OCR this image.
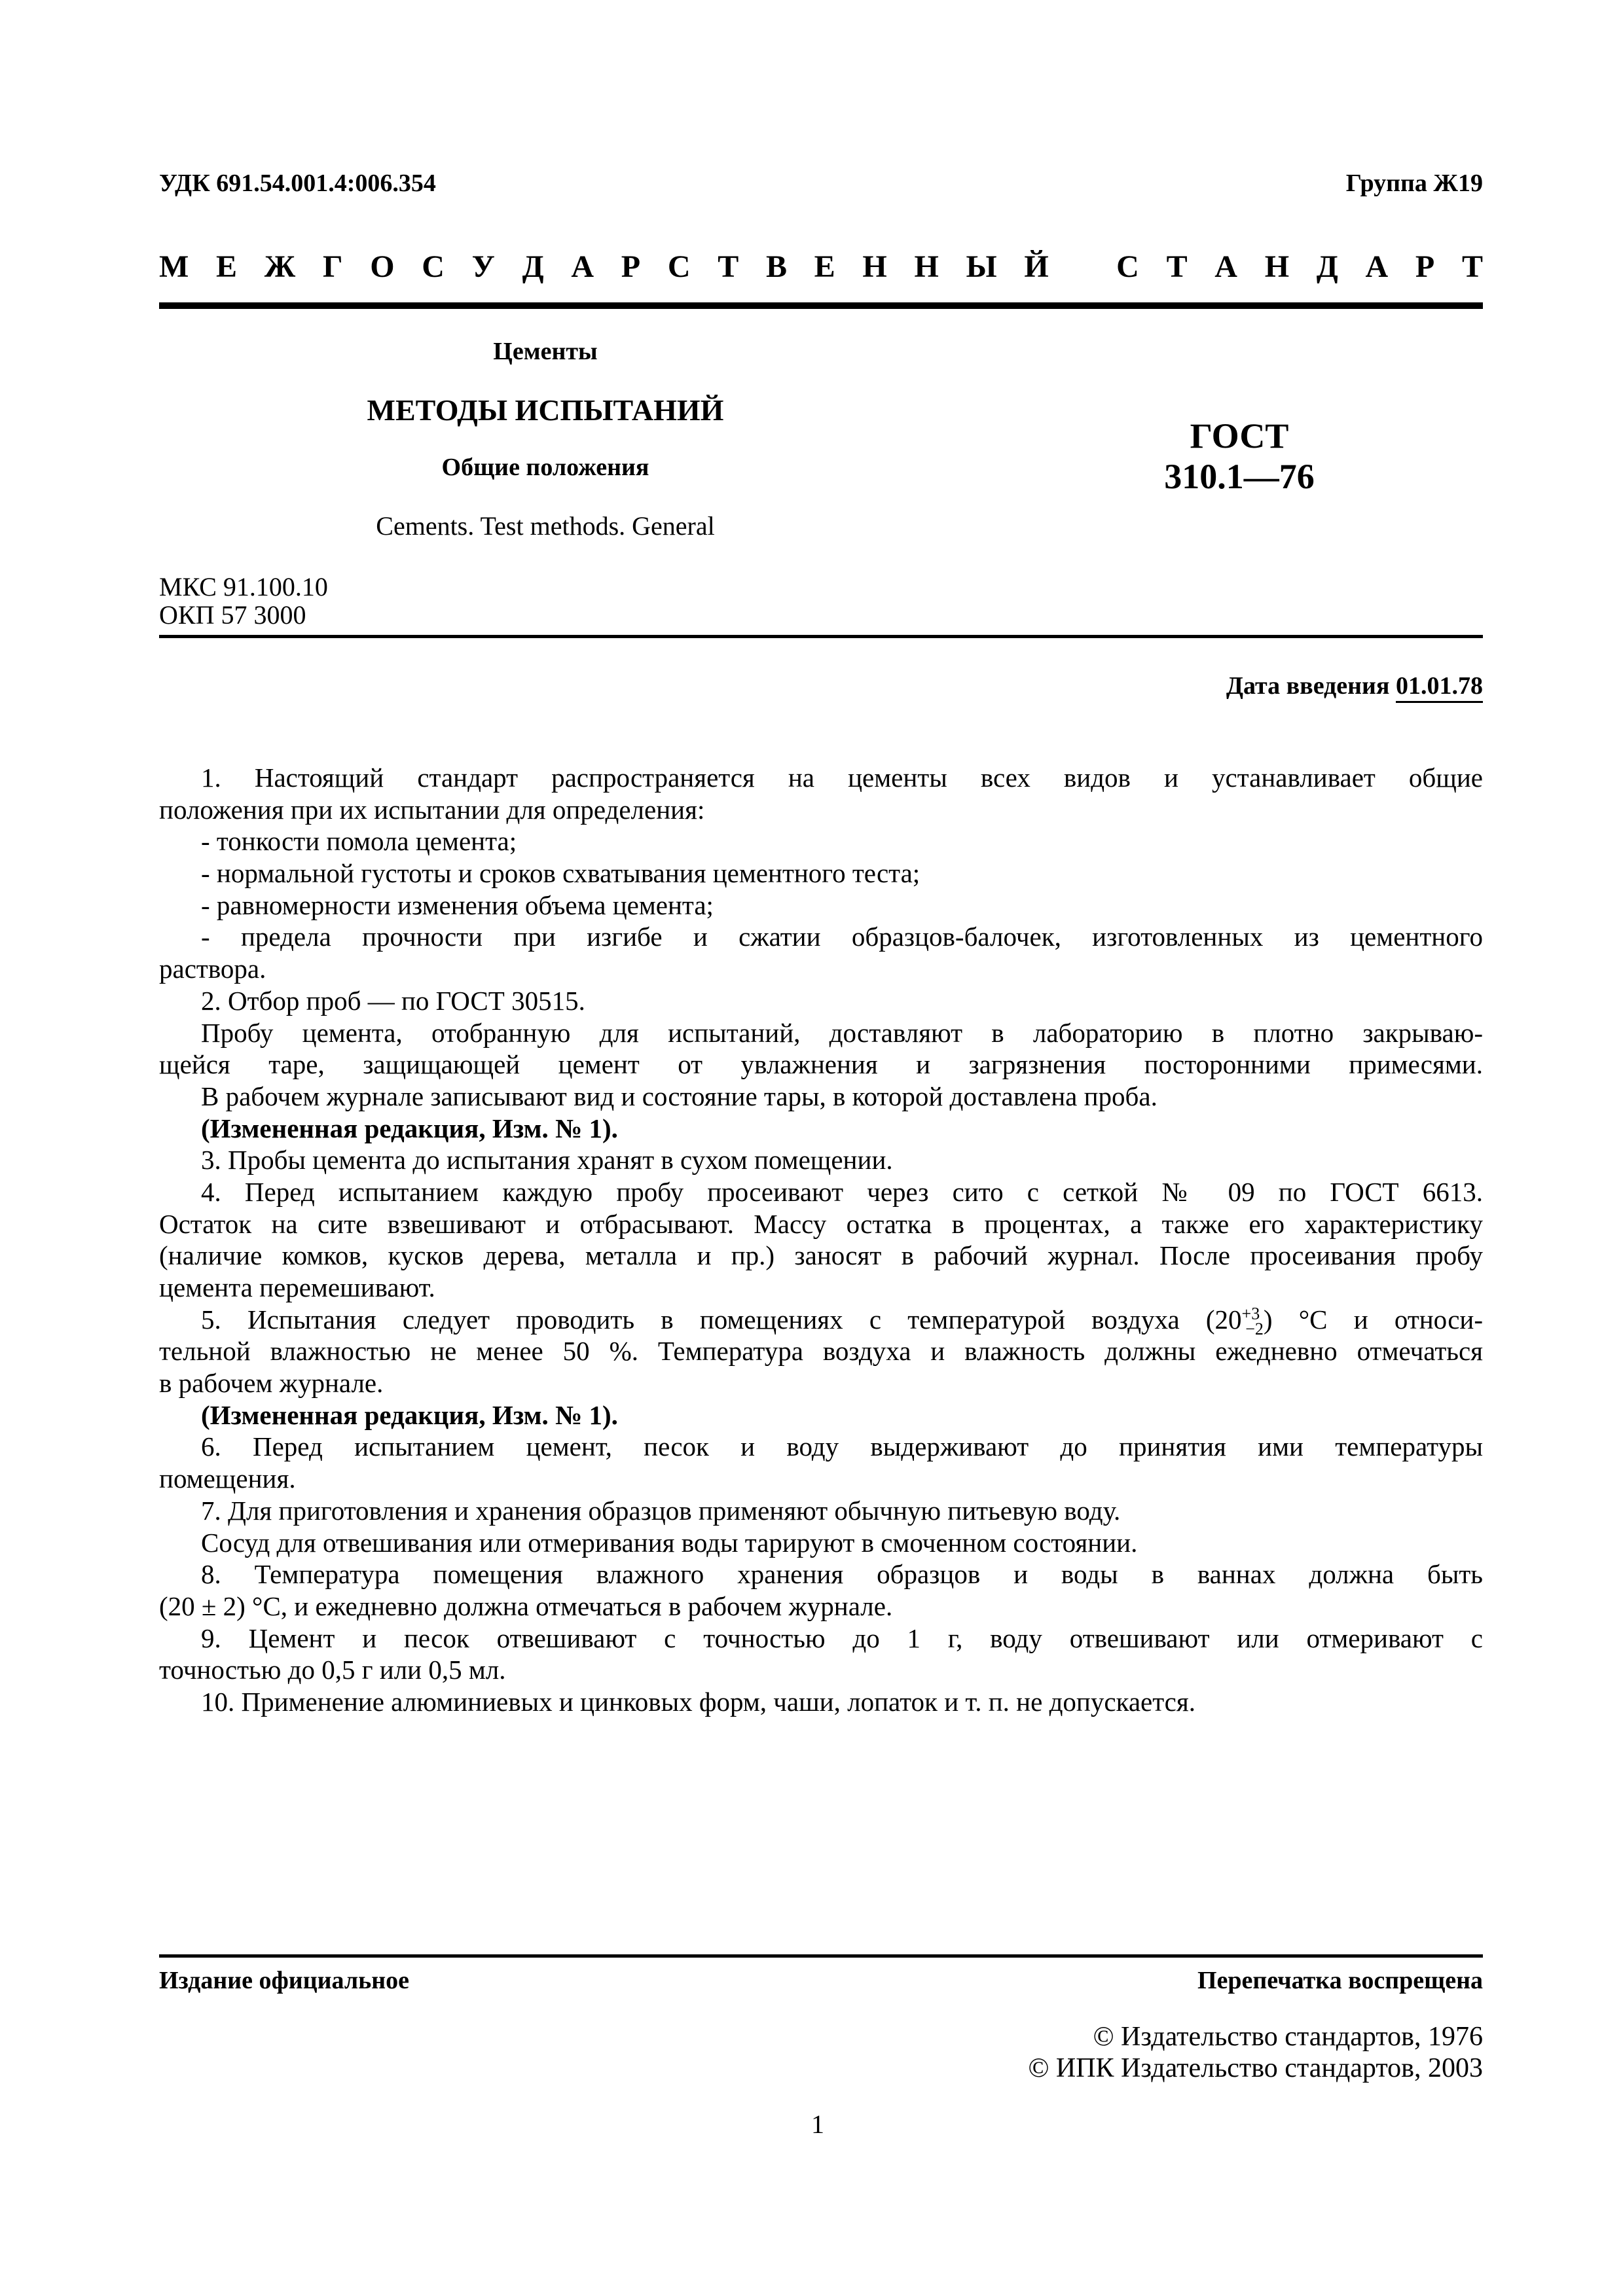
УДК 691.54.001.4:006.354	Группа Ж19
М Е Ж Г О С У Д А Р С Т В Е Н Н Ы Й С Т А Н Д А Р Т
Цементы
МЕТОДЫ ИСПЫТАНИЙ
Общие положения
Cements. Test methods. General
ГОСТ
310.1—76
МКС 91.100.10
ОКП 57 3000
Дата введения 01.01.78
1. Настоящий стандарт распространяется на цементы всех видов и устанавливает общие
положения при их испытании для определения:
- тонкости помола цемента;
- нормальной густоты и сроков схватывания цементного теста;
- равномерности изменения объема цемента;
- предела прочности при изгибе и сжатии образцов-балочек, изготовленных из цементного
раствора.
2. Отбор проб — по ГОСТ 30515.
Пробу цемента, отобранную для испытаний, доставляют в лабораторию в плотно закрываю-
щейся таре, защищающей цемент от увлажнения и загрязнения посторонними примесями.
В рабочем журнале записывают вид и состояние тары, в которой доставлена проба.
(Измененная редакция, Изм. № 1).
3. Пробы цемента до испытания хранят в сухом помещении.
4. Перед испытанием каждую пробу просеивают через сито с сеткой № 09 по ГОСТ 6613.
Остаток на сите взвешивают и отбрасывают. Массу остатка в процентах, а также его характеристику
(наличие комков, кусков дерева, металла и пр.) заносят в рабочий журнал. После просеивания пробу
цемента перемешивают.
5. Испытания следует проводить в помещениях с температурой воздуха $(20^{+3}_{-2})$ °С и относи-
тельной влажностью не менее 50 %. Температура воздуха и влажность должны ежедневно отмечаться
в рабочем журнале.
(Измененная редакция, Изм. № 1).
6. Перед испытанием цемент, песок и воду выдерживают до принятия ими температуры
помещения.
7. Для приготовления и хранения образцов применяют обычную питьевую воду.
Сосуд для отвешивания или отмеривания воды тарируют в смоченном состоянии.
8. Температура помещения влажного хранения образцов и воды в ваннах должна быть
(20 ± 2) °С, и ежедневно должна отмечаться в рабочем журнале.
9. Цемент и песок отвешивают с точностью до 1 г, воду отвешивают или отмеривают с
точностью до 0,5 г или 0,5 мл.
10. Применение алюминиевых и цинковых форм, чаши, лопаток и т. п. не допускается.
Издание официальное	Перепечатка воспрещена
© Издательство стандартов, 1976
© ИПК Издательство стандартов, 2003
1
